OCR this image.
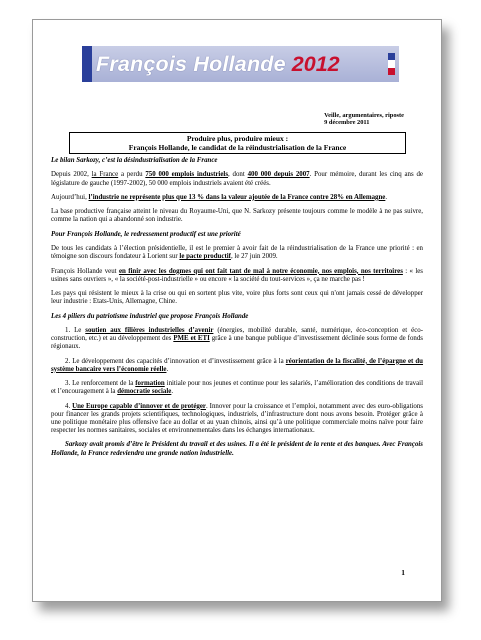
François Hollande 2012
Veille, argumentaires, riposte
9 décembre 2011
Produire plus, produire mieux :
François Hollande, le candidat de la réindustrialisation de la France

Le bilan Sarkozy, c’est la désindustrialisation de la France

Depuis 2002, la France a perdu 750 000 emplois industriels, dont 400 000 depuis 2007. Pour mémoire, durant les cinq ans de législature de gauche (1997-2002), 50 000 emplois industriels avaient été créés.

Aujourd’hui, l’industrie ne représente plus que 13 % dans la valeur ajoutée de la France contre 28% en Allemagne.

La base productive française atteint le niveau du Royaume-Uni, que N. Sarkozy présente toujours comme le modèle à ne pas suivre, comme la nation qui a abandonné son industrie.

Pour François Hollande, le redressement productif est une priorité

De tous les candidats à l’élection présidentielle, il est le premier à avoir fait de la réindustrialisation de la France une priorité : en témoigne son discours fondateur à Lorient sur le pacte productif, le 27 juin 2009.

François Hollande veut en finir avec les dogmes qui ont fait tant de mal à notre économie, nos emplois, nos territoires : « les usines sans ouvriers », « la société-post-industrielle » ou encore « la société du tout-services », ça ne marche pas !

Les pays qui résistent le mieux à la crise ou qui en sortent plus vite, voire plus forts sont ceux qui n'ont jamais cessé de développer leur industrie : Etats-Unis, Allemagne, Chine.

Les 4 piliers du patriotisme industriel que propose François Hollande

1. Le soutien aux filières industrielles d’avenir (énergies, mobilité durable, santé, numérique, éco-conception et éco-construction, etc.) et au développement des PME et ETI grâce à une banque publique d’investissement déclinée sous forme de fonds régionaux.

2. Le développement des capacités d’innovation et d’investissement grâce à la réorientation de la fiscalité, de l’épargne et du système bancaire vers l’économie réelle.

3. Le renforcement de la formation initiale pour nos jeunes et continue pour les salariés, l’amélioration des conditions de travail et l’encouragement à la démocratie sociale.

4. Une Europe capable d’innover et de protéger. Innover pour la croissance et l’emploi, notamment avec des euro-obligations pour financer les grands projets scientifiques, technologiques, industriels, d’infrastructure dont nous avons besoin. Protéger grâce à une politique monétaire plus offensive face au dollar et au yuan chinois, ainsi qu’à une politique commerciale moins naïve pour faire respecter les normes sanitaires, sociales et environnementales dans les échanges internationaux.

Sarkozy avait promis d’être le Président du travail et des usines. Il a été le président de la rente et des banques. Avec François Hollande, la France redeviendra une grande nation industrielle.

1
